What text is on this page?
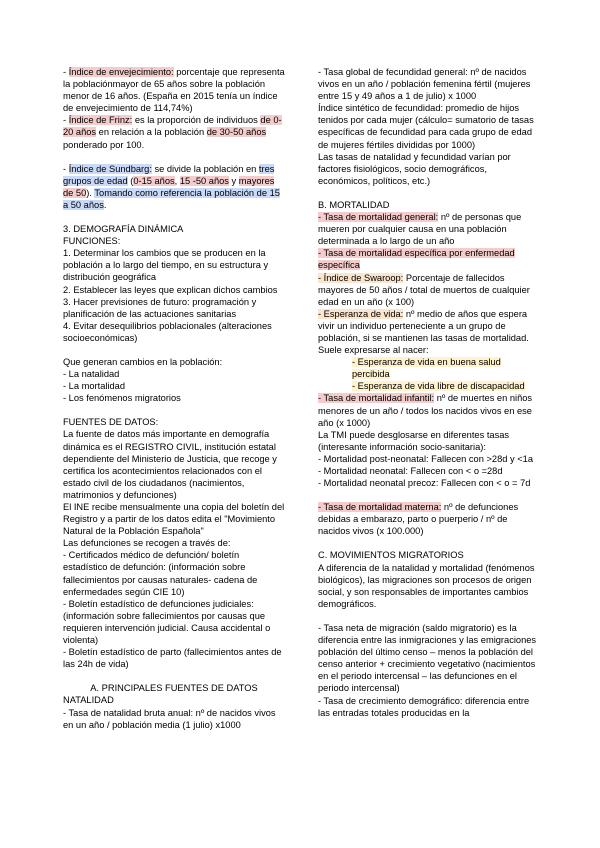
- Índice de envejecimiento: porcentaje que representa la poblaciónmayor de 65 años sobre la población menor de 16 años. (España en 2015 tenía un índice de envejecimiento de 114,74%)

- Índice de Frinz: es la proporción de individuos de 0-20 años en relación a la población de 30-50 años ponderado por 100.

- Índice de Sundbarg: se divide la población en tres grupos de edad (0-15 años, 15 -50 años y mayores de 50). Tomando como referencia la población de 15 a 50 años.

3. DEMOGRAFÍA DINÁMICA

FUNCIONES:

1. Determinar los cambios que se producen en la población a lo largo del tiempo, en su estructura y distribución geográfica

2. Establecer las leyes que explican dichos cambios

3. Hacer previsiones de futuro: programación y planificación de las actuaciones sanitarias

4. Evitar desequilibrios poblacionales (alteraciones socioeconómicas)

Que generan cambios en la población:

- La natalidad

- La mortalidad

- Los fenómenos migratorios

FUENTES DE DATOS:

La fuente de datos más importante en demografía dinámica es el REGISTRO CIVIL, institución estatal dependiente del Ministerio de Justicia, que recoge y certifica los acontecimientos relacionados con el estado civil de los ciudadanos (nacimientos, matrimonios y defunciones)

El INE recibe mensualmente una copia del boletín del Registro y a partir de los datos edita el "Movimiento Natural de la Población Española"

Las defunciones se recogen a través de:

- Certificados médico de defunción/ boletín estadístico de defunción: (información sobre fallecimientos por causas naturales- cadena de enfermedades según CIE 10)

- Boletín estadístico de defunciones judiciales: (información sobre fallecimientos por causas que requieren intervención judicial. Causa accidental o violenta)

- Boletín estadístico de parto (fallecimientos antes de las 24h de vida)

A. PRINCIPALES FUENTES DE DATOS

NATALIDAD

- Tasa de natalidad bruta anual: nº de nacidos vivos en un año / población media (1 julio) x1000

- Tasa global de fecundidad general: nº de nacidos vivos en un año / población femenina fértil (mujeres entre 15 y 49 años a 1 de julio) x 1000

Índice sintético de fecundidad: promedio de hijos tenidos por cada mujer (cálculo= sumatorio de tasas específicas de fecundidad para cada grupo de edad de mujeres fértiles divididas por 1000)

Las tasas de natalidad y fecundidad varían por factores fisiológicos, socio demográficos, económicos, políticos, etc.)

B. MORTALIDAD

- Tasa de mortalidad general: nº de personas que mueren por cualquier causa en una población determinada a lo largo de un año

- Tasa de mortalidad específica por enfermedad específica

- Índice de Swaroop: Porcentaje de fallecidos mayores de 50 años / total de muertos de cualquier edad en un año (x 100)

- Esperanza de vida: nº medio de años que espera vivir un individuo perteneciente a un grupo de población, si se mantienen las tasas de mortalidad. Suele expresarse al nacer:

- Esperanza de vida en buena salud percibida

- Esperanza de vida libre de discapacidad

- Tasa de mortalidad infantil: nº de muertes en niños menores de un año / todos los nacidos vivos en ese año (x 1000)

La TMI puede desglosarse en diferentes tasas (interesante información socio-sanitaria):

- Mortalidad post-neonatal: Fallecen con >28d y <1a

- Mortalidad neonatal: Fallecen con < o =28d

- Mortalidad neonatal precoz: Fallecen con < o = 7d

- Tasa de mortalidad materna: nº de defunciones debidas a embarazo, parto o puerperio / nº de nacidos vivos (x 100.000)

C. MOVIMIENTOS MIGRATORIOS

A diferencia de la natalidad y mortalidad (fenómenos biológicos), las migraciones son procesos de origen social, y son responsables de importantes cambios demográficos.

- Tasa neta de migración (saldo migratorio) es la diferencia entre las inmigraciones y las emigraciones población del último censo – menos la población del censo anterior + crecimiento vegetativo (nacimientos en el periodo intercensal – las defunciones en el periodo intercensal)

- Tasa de crecimiento demográfico: diferencia entre las entradas totales producidas en la
